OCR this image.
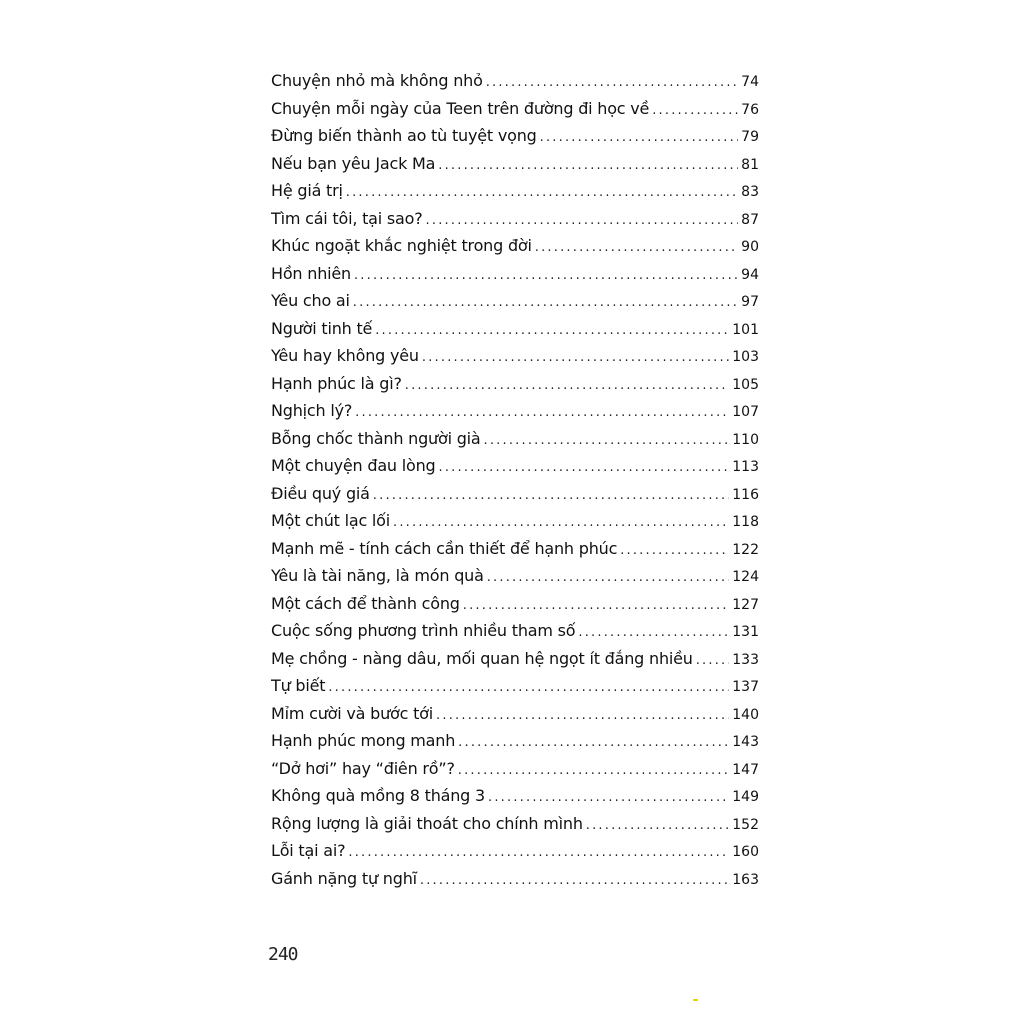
Chuyện nhỏ mà không nhỏ .....	74
Chuyện mỗi ngày của Teen trên đường đi học về .....	76
Đừng biến thành ao tù tuyệt vọng .....	79
Nếu bạn yêu Jack Ma .....	81
Hệ giá trị .....	83
Tìm cái tôi, tại sao? .....	87
Khúc ngoặt khắc nghiệt trong đời .....	90
Hồn nhiên .....	94
Yêu cho ai .....	97
Người tinh tế .....	101
Yêu hay không yêu .....	103
Hạnh phúc là gì? .....	105
Nghịch lý? .....	107
Bỗng chốc thành người già .....	110
Một chuyện đau lòng .....	113
Điều quý giá .....	116
Một chút lạc lối .....	118
Mạnh mẽ - tính cách cần thiết để hạnh phúc .....	122
Yêu là tài năng, là món quà .....	124
Một cách để thành công .....	127
Cuộc sống phương trình nhiều tham số .....	131
Mẹ chồng - nàng dâu, mối quan hệ ngọt ít đắng nhiều .....	133
Tự biết .....	137
Mỉm cười và bước tới .....	140
Hạnh phúc mong manh .....	143
“Dở hơi” hay “điên rồ”? .....	147
Không quà mồng 8 tháng 3 .....	149
Rộng lượng là giải thoát cho chính mình .....	152
Lỗi tại ai? .....	160
Gánh nặng tự nghĩ .....	163
240
